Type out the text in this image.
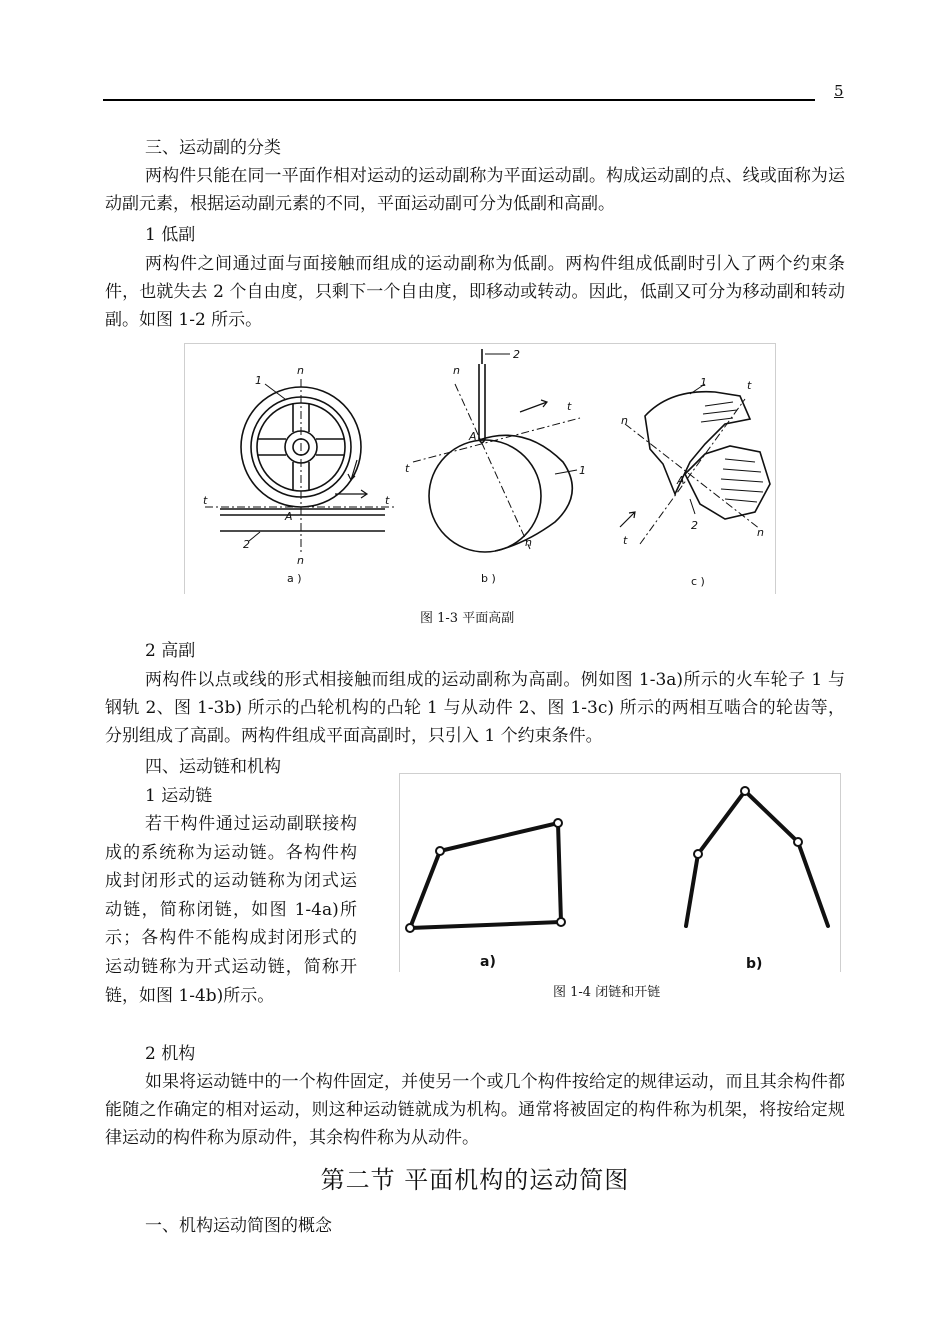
5
三、运动副的分类
两构件只能在同一平面作相对运动的运动副称为平面运动副。构成运动副的点、线或面称为运动副元素，根据运动副元素的不同，平面运动副可分为低副和高副。
1 低副
两构件之间通过面与面接触而组成的运动副称为低副。两构件组成低副时引入了两个约束条件，也就失去 2 个自由度，只剩下一个自由度，即移动或转动。因此，低副又可分为移动副和转动副。如图 1-2 所示。
n
1
t	t
A
2
n
n
2
t
A
t	1
n
1	t
n
A
2
n
t
a )	b )	c )
图 1-3 平面高副
2 高副
两构件以点或线的形式相接触而组成的运动副称为高副。例如图 1-3a)所示的火车轮子 1 与钢轨 2、图 1-3b) 所示的凸轮机构的凸轮 1 与从动件 2、图 1-3c) 所示的两相互啮合的轮齿等，分别组成了高副。两构件组成平面高副时，只引入 1 个约束条件。
四、运动链和机构
1 运动链
若干构件通过运动副联接构成的系统称为运动链。各构件构成封闭形式的运动链称为闭式运动链，简称闭链，如图 1-4a)所示；各构件不能构成封闭形式的运动链称为开式运动链，简称开链，如图 1-4b)所示。
a)	b)
图 1-4 闭链和开链
2 机构
如果将运动链中的一个构件固定，并使另一个或几个构件按给定的规律运动，而且其余构件都能随之作确定的相对运动，则这种运动链就成为机构。通常将被固定的构件称为机架，将按给定规律运动的构件称为原动件，其余构件称为从动件。
第二节 平面机构的运动简图
一、机构运动简图的概念
